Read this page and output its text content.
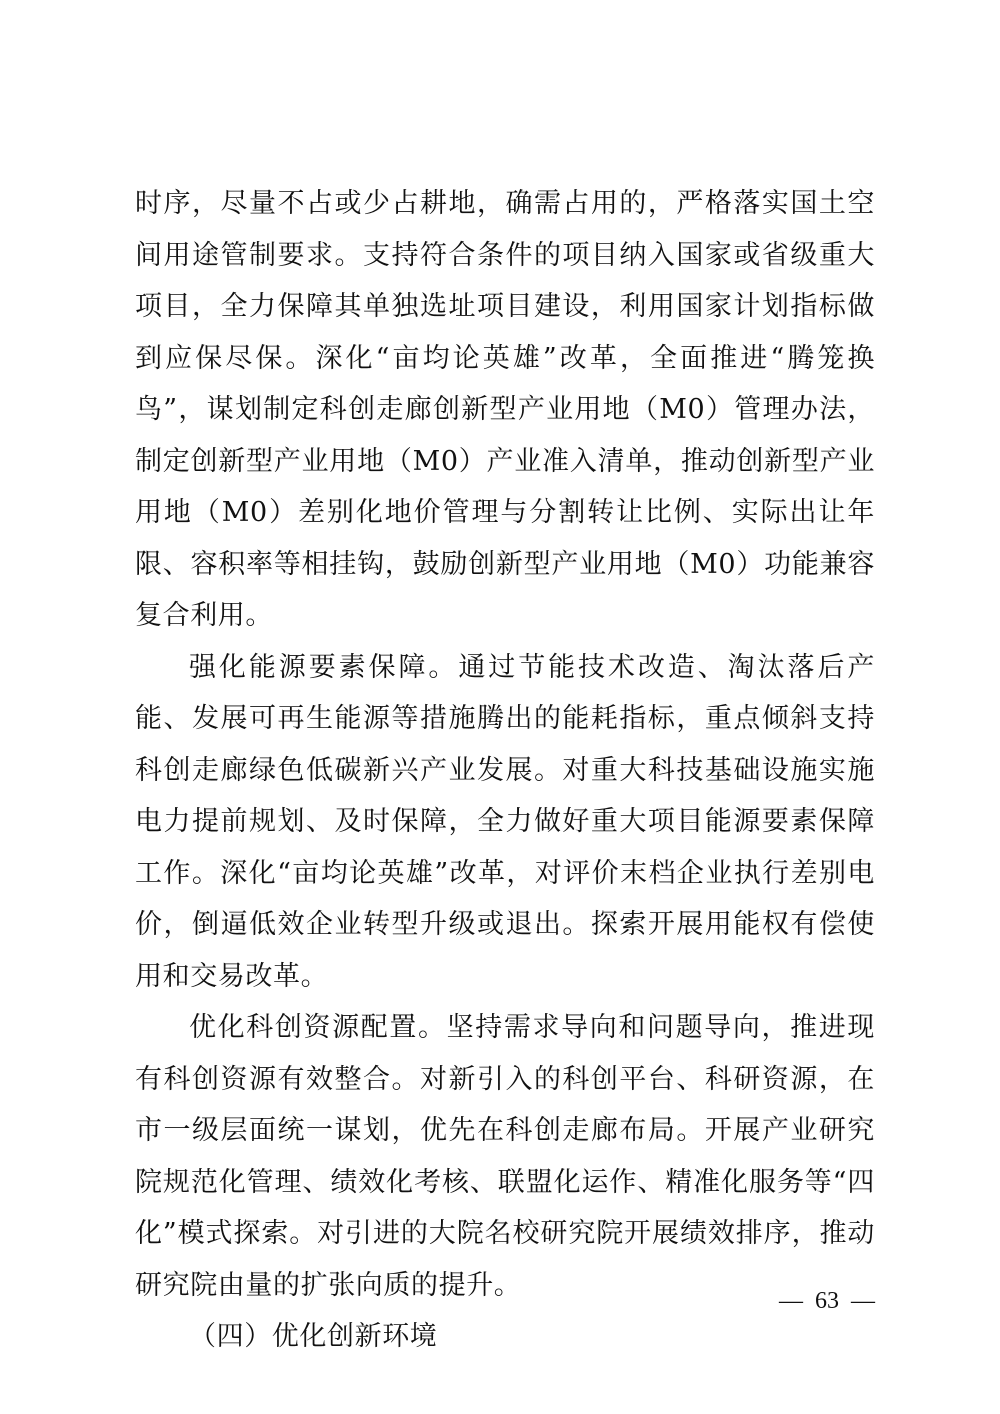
时序，尽量不占或少占耕地，确需占用的，严格落实国土空间用途管制要求。支持符合条件的项目纳入国家或省级重大项目，全力保障其单独选址项目建设，利用国家计划指标做到应保尽保。深化“亩均论英雄”改革，全面推进“腾笼换鸟”，谋划制定科创走廊创新型产业用地（M0）管理办法，制定创新型产业用地（M0）产业准入清单，推动创新型产业用地（M0）差别化地价管理与分割转让比例、实际出让年限、容积率等相挂钩，鼓励创新型产业用地（M0）功能兼容复合利用。

强化能源要素保障。通过节能技术改造、淘汰落后产能、发展可再生能源等措施腾出的能耗指标，重点倾斜支持科创走廊绿色低碳新兴产业发展。对重大科技基础设施实施电力提前规划、及时保障，全力做好重大项目能源要素保障工作。深化“亩均论英雄”改革，对评价末档企业执行差别电价，倒逼低效企业转型升级或退出。探索开展用能权有偿使用和交易改革。

优化科创资源配置。坚持需求导向和问题导向，推进现有科创资源有效整合。对新引入的科创平台、科研资源，在市一级层面统一谋划，优先在科创走廊布局。开展产业研究院规范化管理、绩效化考核、联盟化运作、精准化服务等“四化”模式探索。对引进的大院名校研究院开展绩效排序，推动研究院由量的扩张向质的提升。

（四）优化创新环境
—  63  —
